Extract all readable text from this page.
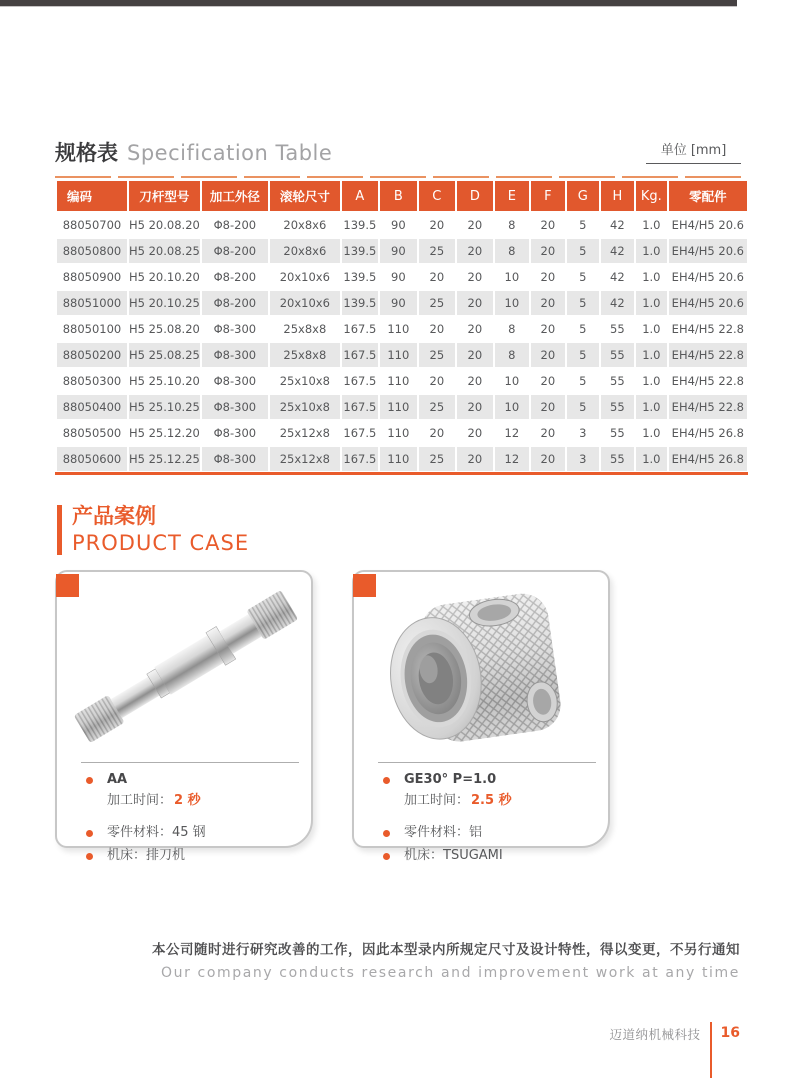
规格表 Specification Table	单位 [mm]
编码	刀杆型号	加工外径	滚轮尺寸	A	B	C	D	E	F	G	H	Kg.	零配件
88050700	H5 20.08.20	Φ8-200	20x8x6	139.5	90	20	20	8	20	5	42	1.0	EH4/H5 20.6
88050800	H5 20.08.25	Φ8-200	20x8x6	139.5	90	25	20	8	20	5	42	1.0	EH4/H5 20.6
88050900	H5 20.10.20	Φ8-200	20x10x6	139.5	90	20	20	10	20	5	42	1.0	EH4/H5 20.6
88051000	H5 20.10.25	Φ8-200	20x10x6	139.5	90	25	20	10	20	5	42	1.0	EH4/H5 20.6
88050100	H5 25.08.20	Φ8-300	25x8x8	167.5	110	20	20	8	20	5	55	1.0	EH4/H5 22.8
88050200	H5 25.08.25	Φ8-300	25x8x8	167.5	110	25	20	8	20	5	55	1.0	EH4/H5 22.8
88050300	H5 25.10.20	Φ8-300	25x10x8	167.5	110	20	20	10	20	5	55	1.0	EH4/H5 22.8
88050400	H5 25.10.25	Φ8-300	25x10x8	167.5	110	25	20	10	20	5	55	1.0	EH4/H5 22.8
88050500	H5 25.12.20	Φ8-300	25x12x8	167.5	110	20	20	12	20	3	55	1.0	EH4/H5 26.8
88050600	H5 25.12.25	Φ8-300	25x12x8	167.5	110	25	20	12	20	3	55	1.0	EH4/H5 26.8
产品案例
PRODUCT CASE
AA
加工时间： 2 秒
零件材料：45 钢
机床：排刀机
GE30° P=1.0
加工时间： 2.5 秒
零件材料：铝
机床：TSUGAMI
本公司随时进行研究改善的工作，因此本型录内所规定尺寸及设计特性，得以变更，不另行通知
Our company conducts research and improvement work at any time
迈道纳机械科技 16
